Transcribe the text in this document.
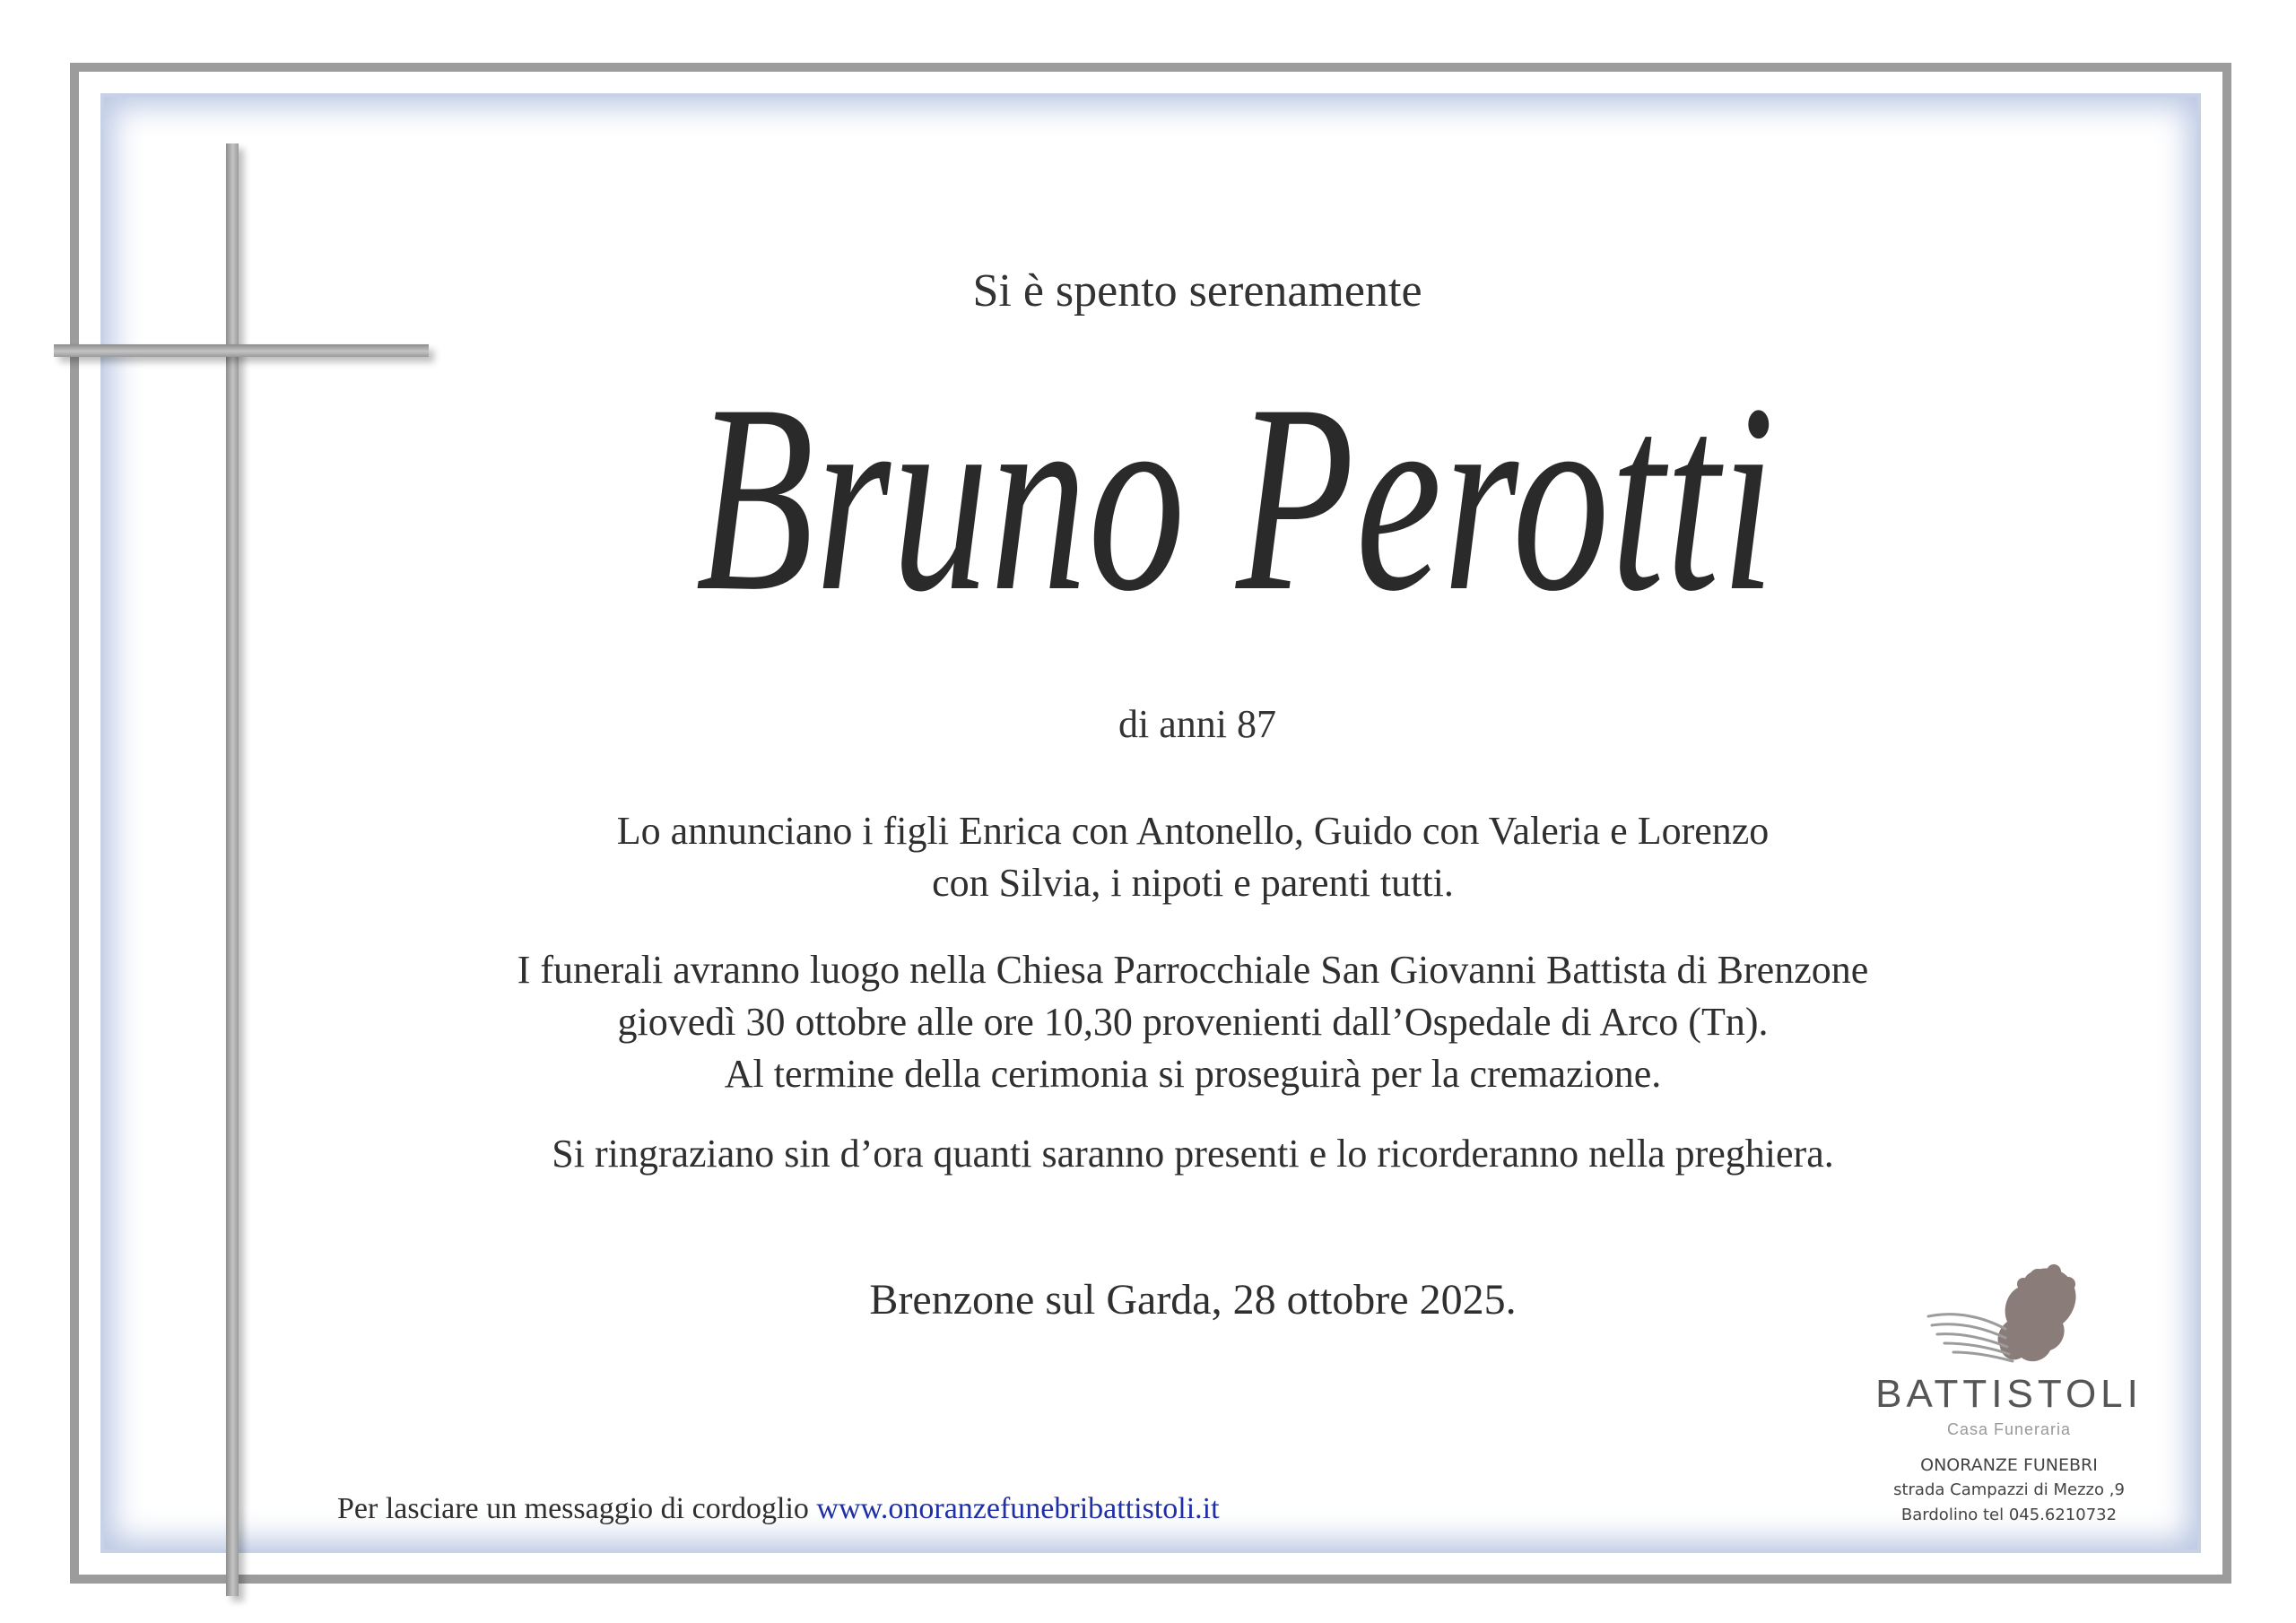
Si è spento serenamente

Bruno Perotti

di anni 87

Lo annunciano i figli Enrica con Antonello, Guido con Valeria e Lorenzo
con Silvia, i nipoti e parenti tutti.
I funerali avranno luogo nella Chiesa Parrocchiale San Giovanni Battista di Brenzone
giovedì 30 ottobre alle ore 10,30 provenienti dall’Ospedale di Arco (Tn).
Al termine della cerimonia si proseguirà per la cremazione.
Si ringraziano sin d’ora quanti saranno presenti e lo ricorderanno nella preghiera.

Brenzone sul Garda, 28 ottobre 2025.

Per lasciare un messaggio di cordoglio www.onoranzefunebribattistoli.it
BATTISTOLI
Casa Funeraria
ONORANZE FUNEBRI
strada Campazzi di Mezzo ,9
Bardolino tel 045.6210732
